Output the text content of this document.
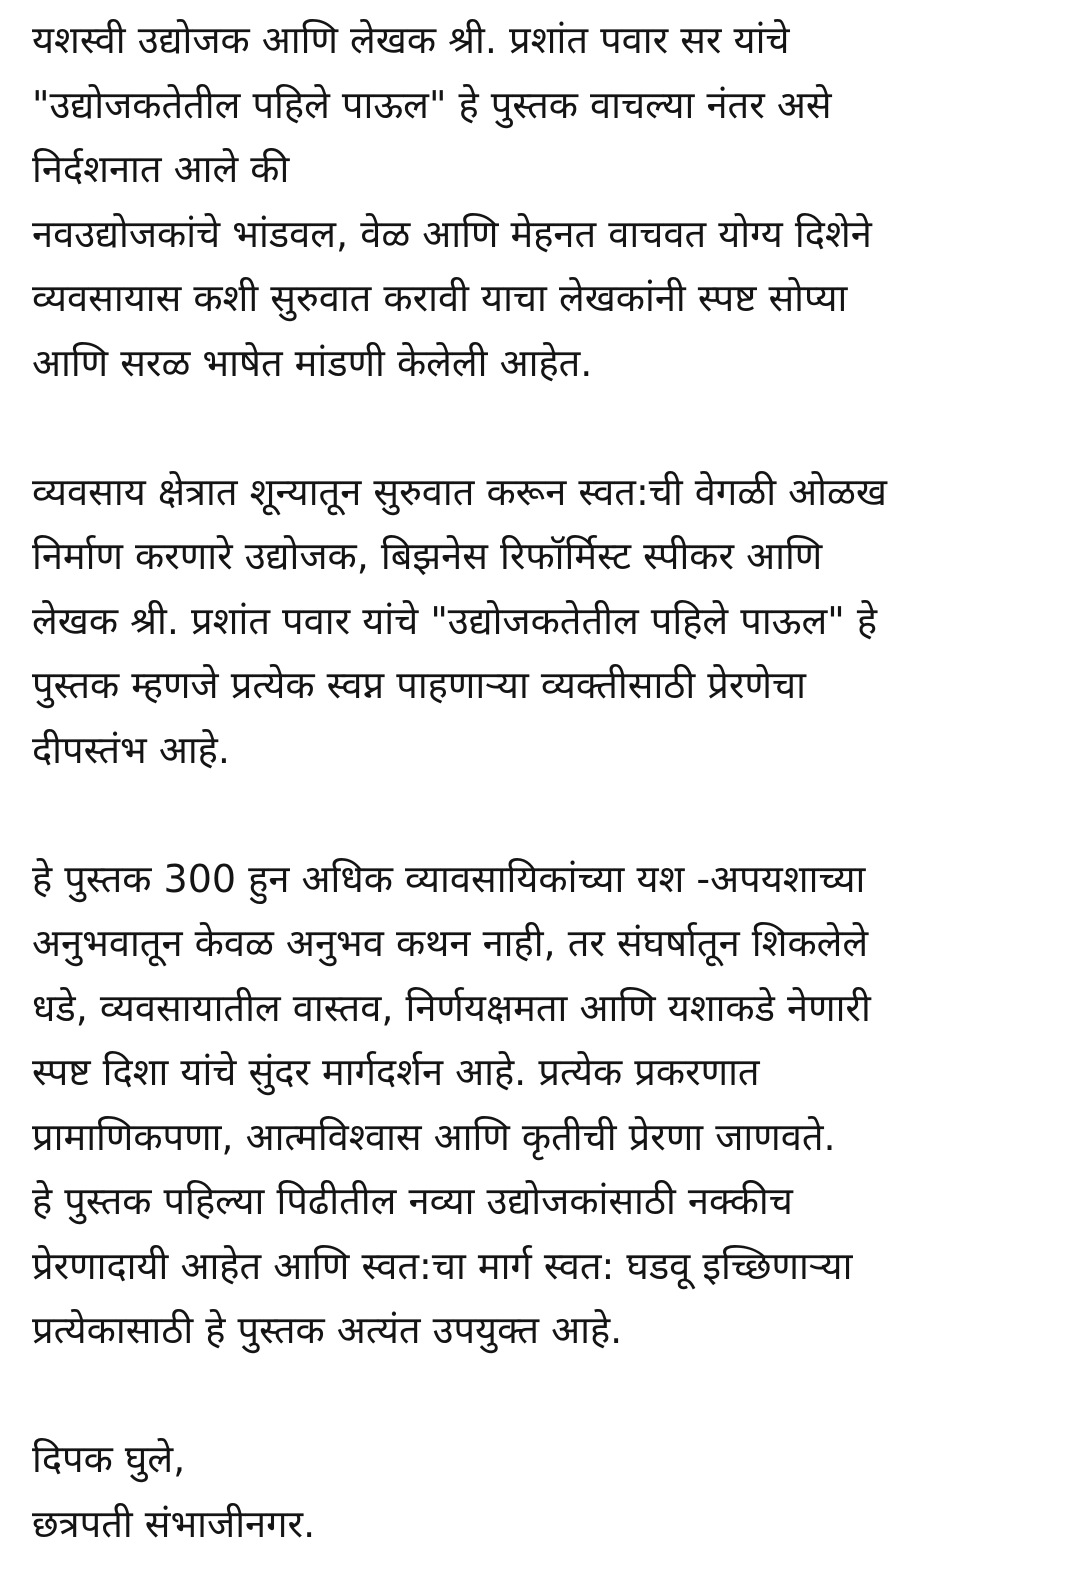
यशस्वी उद्योजक आणि लेखक श्री. प्रशांत पवार सर यांचे
"उद्योजकतेतील पहिले पाऊल" हे पुस्तक वाचल्या नंतर असे
निर्दशनात आले की
नवउद्योजकांचे भांडवल, वेळ आणि मेहनत वाचवत योग्य दिशेने
व्यवसायास कशी सुरुवात करावी याचा लेखकांनी स्पष्ट सोप्या
आणि सरळ भाषेत मांडणी केलेली आहेत.

व्यवसाय क्षेत्रात शून्यातून सुरुवात करून स्वत:ची वेगळी ओळख
निर्माण करणारे उद्योजक, बिझनेस रिफॉर्मिस्ट स्पीकर आणि
लेखक श्री. प्रशांत पवार यांचे "उद्योजकतेतील पहिले पाऊल" हे
पुस्तक म्हणजे प्रत्येक स्वप्न पाहणाऱ्या व्यक्तीसाठी प्रेरणेचा
दीपस्तंभ आहे.

हे पुस्तक 300 हुन अधिक व्यावसायिकांच्या यश -अपयशाच्या
अनुभवातून केवळ अनुभव कथन नाही, तर संघर्षातून शिकलेले
धडे, व्यवसायातील वास्तव, निर्णयक्षमता आणि यशाकडे नेणारी
स्पष्ट दिशा यांचे सुंदर मार्गदर्शन आहे. प्रत्येक प्रकरणात
प्रामाणिकपणा, आत्मविश्वास आणि कृतीची प्रेरणा जाणवते.
हे पुस्तक पहिल्या पिढीतील नव्या उद्योजकांसाठी नक्कीच
प्रेरणादायी आहेत आणि स्वत:चा मार्ग स्वत: घडवू इच्छिणाऱ्या
प्रत्येकासाठी हे पुस्तक अत्यंत उपयुक्त आहे.

दिपक घुले,
छत्रपती संभाजीनगर.
